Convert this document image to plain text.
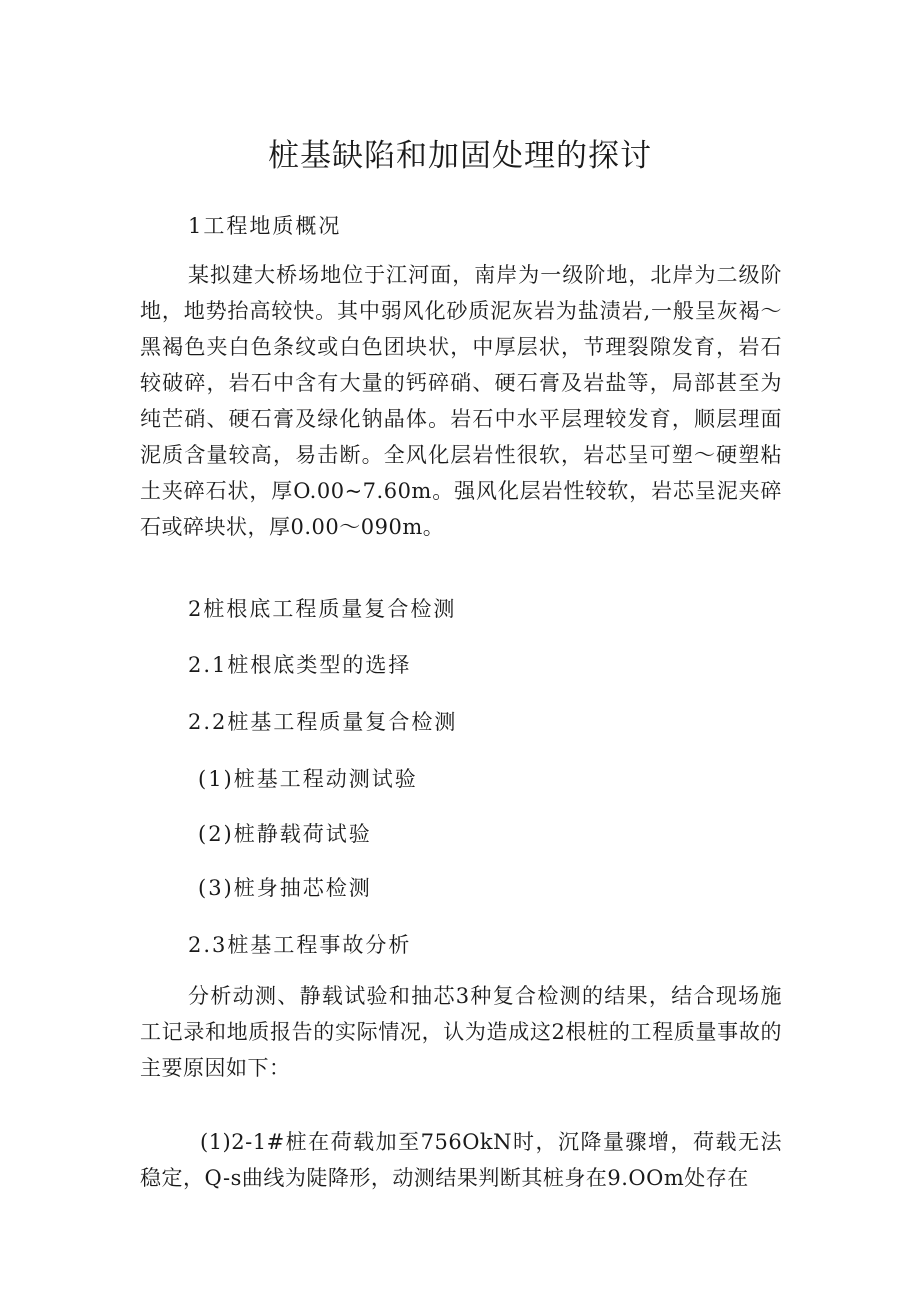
桩基缺陷和加固处理的探讨

1工程地质概况

某拟建大桥场地位于江河面，南岸为一级阶地，北岸为二级阶地，地势抬高较快。其中弱风化砂质泥灰岩为盐渍岩,一般呈灰褐～黑褐色夹白色条纹或白色团块状，中厚层状，节理裂隙发育，岩石较破碎，岩石中含有大量的钙碎硝、硬石膏及岩盐等，局部甚至为纯芒硝、硬石膏及绿化钠晶体。岩石中水平层理较发育，顺层理面泥质含量较高，易击断。全风化层岩性很软，岩芯呈可塑～硬塑粘土夹碎石状，厚O.00~7.60m。强风化层岩性较软，岩芯呈泥夹碎石或碎块状，厚0.00～090m。

2桩根底工程质量复合检测

2.1桩根底类型的选择

2.2桩基工程质量复合检测

(1)桩基工程动测试验

(2)桩静载荷试验

(3)桩身抽芯检测

2.3桩基工程事故分析

分析动测、静载试验和抽芯3种复合检测的结果，结合现场施工记录和地质报告的实际情况，认为造成这2根桩的工程质量事故的主要原因如下：

(1)2-1#桩在荷载加至756OkN时，沉降量骤增，荷载无法稳定，Q-s曲线为陡降形，动测结果判断其桩身在9.OOm处存在
